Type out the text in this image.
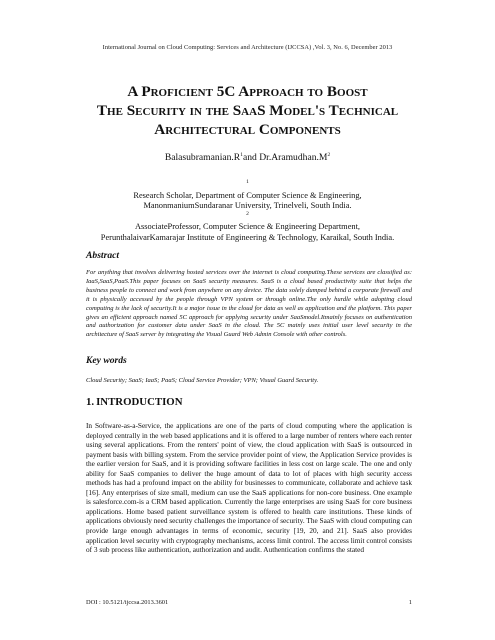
International Journal on Cloud Computing: Services and Architecture (IJCCSA) ,Vol. 3, No. 6, December 2013
A Proficient 5C Approach to Boost
The Security in the SaaS Model's Technical
Architectural Components
$Balasubramanian.R^1and$ $Dr.Aramudhan.M^2$
$^1$
Research Scholar, Department of Computer Science & Engineering,
ManonmaniumSundaranar University, Trinelveli, South India.
$^2$
AssociateProfessor, Computer Science & Engineering Department,
PerunthalaivarKamarajar Institute of Engineering & Technology, Karaikal, South India.
Abstract

For anything that involves delivering hosted services over the internet is cloud computing.These services are classified as: IaaS,SaaS,PaaS.This paper focuses on SaaS security measures. SaaS is a cloud based productivity suite that helps the business people to connect and work from anywhere on any device. The data solely dumped behind a corporate firewall and it is physically accessed by the people through VPN system or through online.The only hurdle while adopting cloud computing is the lack of security.It is a major issue in the cloud for data as well as application and the platform. This paper gives an efficient approach named 5C approach for applying security under SaaSmodel.Itmainly focuses on authentication and authorization for customer data under SaaS in the cloud. The 5C mainly uses initial user level security in the architecture of SaaS server by integrating the Visual Guard Web Admin Console with other controls.

Key words

Cloud Security; SaaS; IaaS; PaaS; Cloud Service Provider; VPN; Visual Guard Security.

1. INTRODUCTION

In Software-as-a-Service, the applications are one of the parts of cloud computing where the application is deployed centrally in the web based applications and it is offered to a large number of renters where each renter using several applications. From the renters' point of view, the cloud application with SaaS is outsourced in payment basis with billing system. From the service provider point of view, the Application Service provides is the earlier version for SaaS, and it is providing software facilities in less cost on large scale. The one and only ability for SaaS companies to deliver the huge amount of data to lot of places with high security access methods has had a profound impact on the ability for businesses to communicate, collaborate and achieve task [16]. Any enterprises of size small, medium can use the SaaS applications for non-core business. One example is salesforce.com-is a CRM based application. Currently the large enterprises are using SaaS for core business applications. Home based patient surveillance system is offered to health care institutions. These kinds of applications obviously need security challenges the importance of security. The SaaS with cloud computing can provide large enough advantages in terms of economic, security [19, 20, and 21]. SaaS also provides application level security with cryptography mechanisms, access limit control. The access limit control consists of 3 sub process like authentication, authorization and audit. Authentication confirms the stated

DOI : 10.5121/ijccsa.2013.3601	1
